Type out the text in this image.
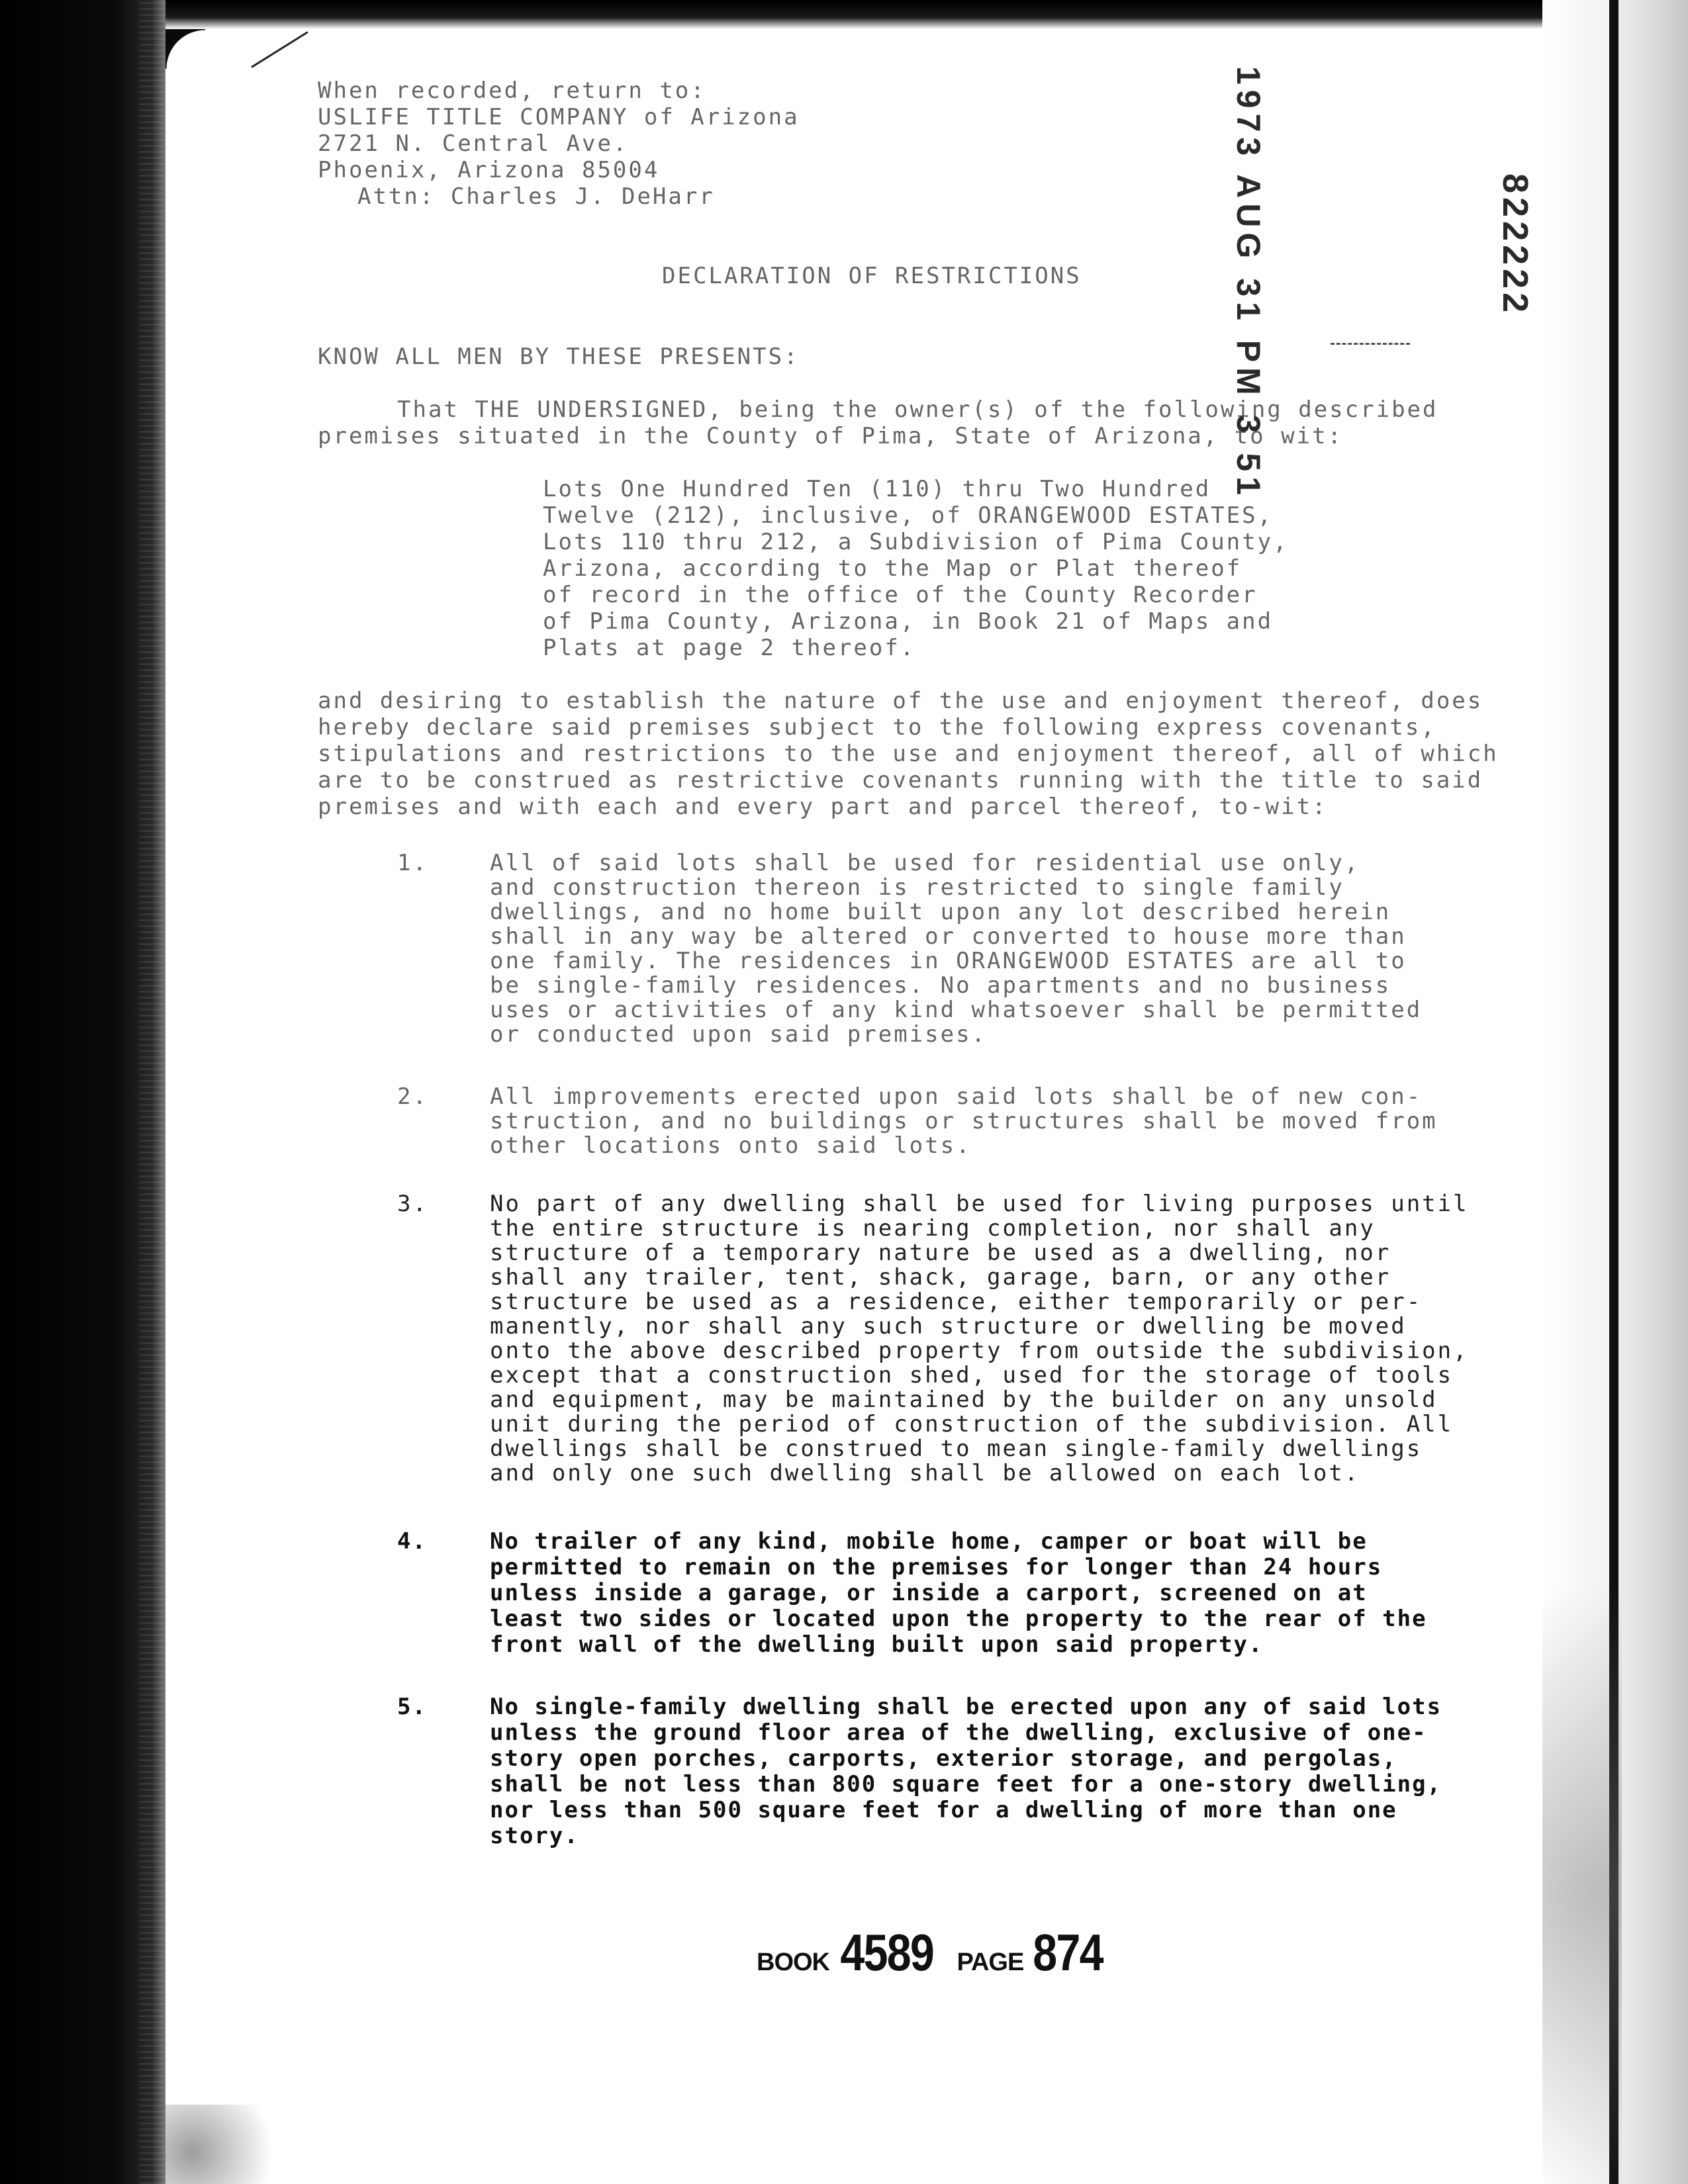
When recorded, return to:
USLIFE TITLE COMPANY of Arizona
2721 N. Central Ave.
Phoenix, Arizona 85004
Attn: Charles J. DeHarr	1973 AUG 31 PM 3 51	822222
DECLARATION OF RESTRICTIONS
KNOW ALL MEN BY THESE PRESENTS:
That THE UNDERSIGNED, being the owner(s) of the following described
premises situated in the County of Pima, State of Arizona, to wit:
Lots One Hundred Ten (110) thru Two Hundred
Twelve (212), inclusive, of ORANGEWOOD ESTATES,
Lots 110 thru 212, a Subdivision of Pima County,
Arizona, according to the Map or Plat thereof
of record in the office of the County Recorder
of Pima County, Arizona, in Book 21 of Maps and
Plats at page 2 thereof.
and desiring to establish the nature of the use and enjoyment thereof, does
hereby declare said premises subject to the following express covenants,
stipulations and restrictions to the use and enjoyment thereof, all of which
are to be construed as restrictive covenants running with the title to said
premises and with each and every part and parcel thereof, to-wit:
1.	All of said lots shall be used for residential use only,
and construction thereon is restricted to single family
dwellings, and no home built upon any lot described herein
shall in any way be altered or converted to house more than
one family. The residences in ORANGEWOOD ESTATES are all to
be single-family residences. No apartments and no business
uses or activities of any kind whatsoever shall be permitted
or conducted upon said premises.
2.	All improvements erected upon said lots shall be of new con-
struction, and no buildings or structures shall be moved from
other locations onto said lots.
3.	No part of any dwelling shall be used for living purposes until
the entire structure is nearing completion, nor shall any
structure of a temporary nature be used as a dwelling, nor
shall any trailer, tent, shack, garage, barn, or any other
structure be used as a residence, either temporarily or per-
manently, nor shall any such structure or dwelling be moved
onto the above described property from outside the subdivision,
except that a construction shed, used for the storage of tools
and equipment, may be maintained by the builder on any unsold
unit during the period of construction of the subdivision. All
dwellings shall be construed to mean single-family dwellings
and only one such dwelling shall be allowed on each lot.
4.	No trailer of any kind, mobile home, camper or boat will be
permitted to remain on the premises for longer than 24 hours
unless inside a garage, or inside a carport, screened on at
least two sides or located upon the property to the rear of the
front wall of the dwelling built upon said property.
5.	No single-family dwelling shall be erected upon any of said lots
unless the ground floor area of the dwelling, exclusive of one-
story open porches, carports, exterior storage, and pergolas,
shall be not less than 800 square feet for a one-story dwelling,
nor less than 500 square feet for a dwelling of more than one
story.
BOOK 4589 PAGE 874
